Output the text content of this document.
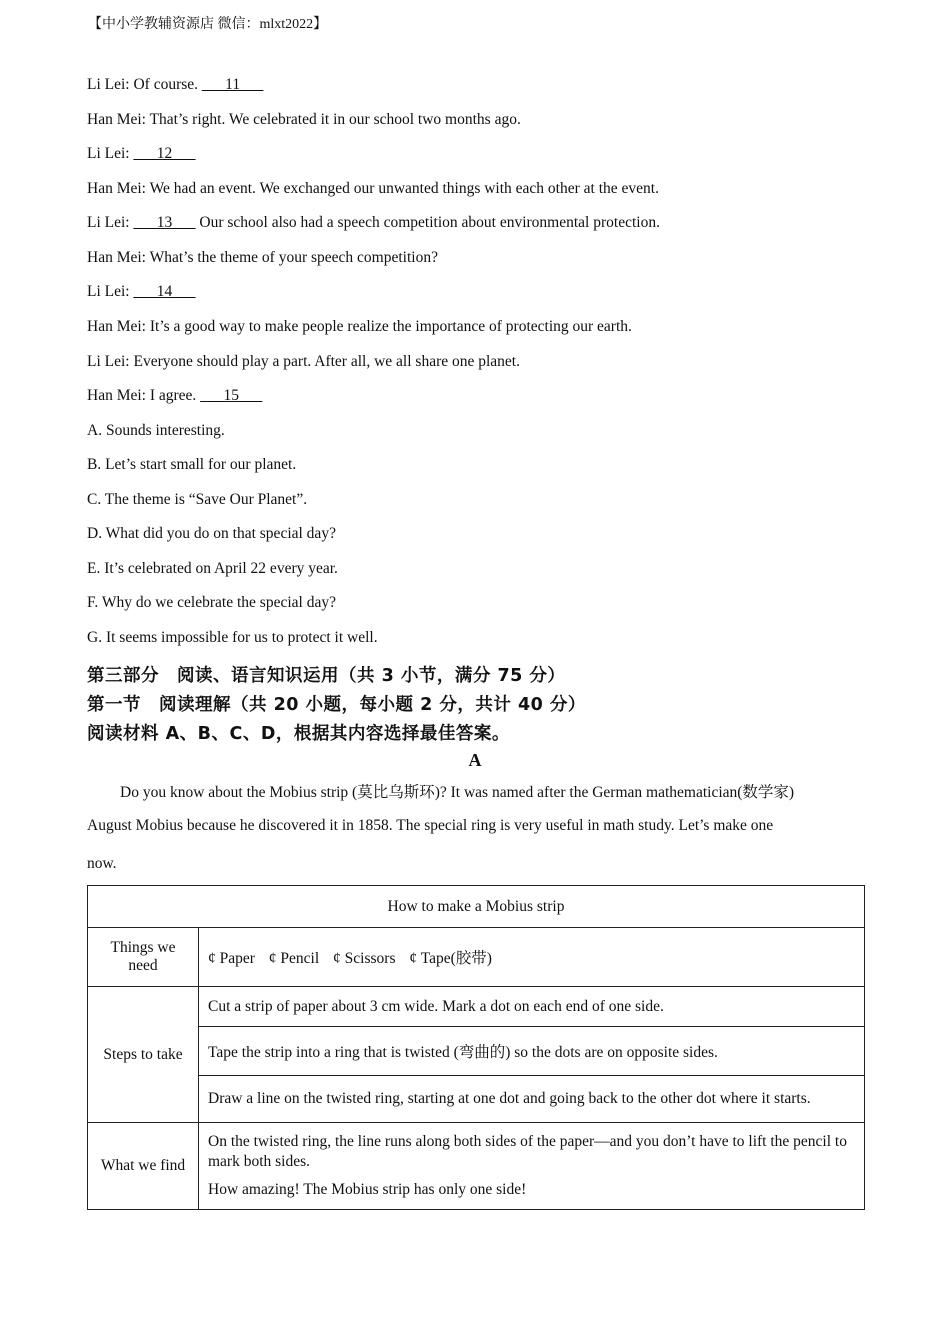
【中小学教辅资源店 微信：mlxt2022】
Li Lei: Of course. ___11___
Han Mei: That’s right. We celebrated it in our school two months ago.
Li Lei: ___12___
Han Mei: We had an event. We exchanged our unwanted things with each other at the event.
Li Lei: ___13___ Our school also had a speech competition about environmental protection.
Han Mei: What’s the theme of your speech competition?
Li Lei: ___14___
Han Mei: It’s a good way to make people realize the importance of protecting our earth.
Li Lei: Everyone should play a part. After all, we all share one planet.
Han Mei: I agree. ___15___
A. Sounds interesting.
B. Let’s start small for our planet.
C. The theme is “Save Our Planet”.
D. What did you do on that special day?
E. It’s celebrated on April 22 every year.
F. Why do we celebrate the special day?
G. It seems impossible for us to protect it well.
第三部分　阅读、语言知识运用（共 3 小节，满分 75 分）
第一节　阅读理解（共 20 小题，每小题 2 分，共计 40 分）
阅读材料 A、B、C、D，根据其内容选择最佳答案。
A
Do you know about the Mobius strip (莫比乌斯环)? It was named after the German mathematician(数学家)
August Mobius because he discovered it in 1858. The special ring is very useful in math study. Let’s make one
now.
How to make a Mobius strip	
Things we need	¢ Paper ¢ Pencil ¢ Scissors ¢ Tape(胶带)
Steps to take	Cut a strip of paper about 3 cm wide. Mark a dot on each end of one side.
	Tape the strip into a ring that is twisted (弯曲的) so the dots are on opposite sides.
	Draw a line on the twisted ring, starting at one dot and going back to the other dot where it starts.
What we find	On the twisted ring, the line runs along both sides of the paper—and you don’t have to lift the pencil to mark both sides.

How amazing! The Mobius strip has only one side!
